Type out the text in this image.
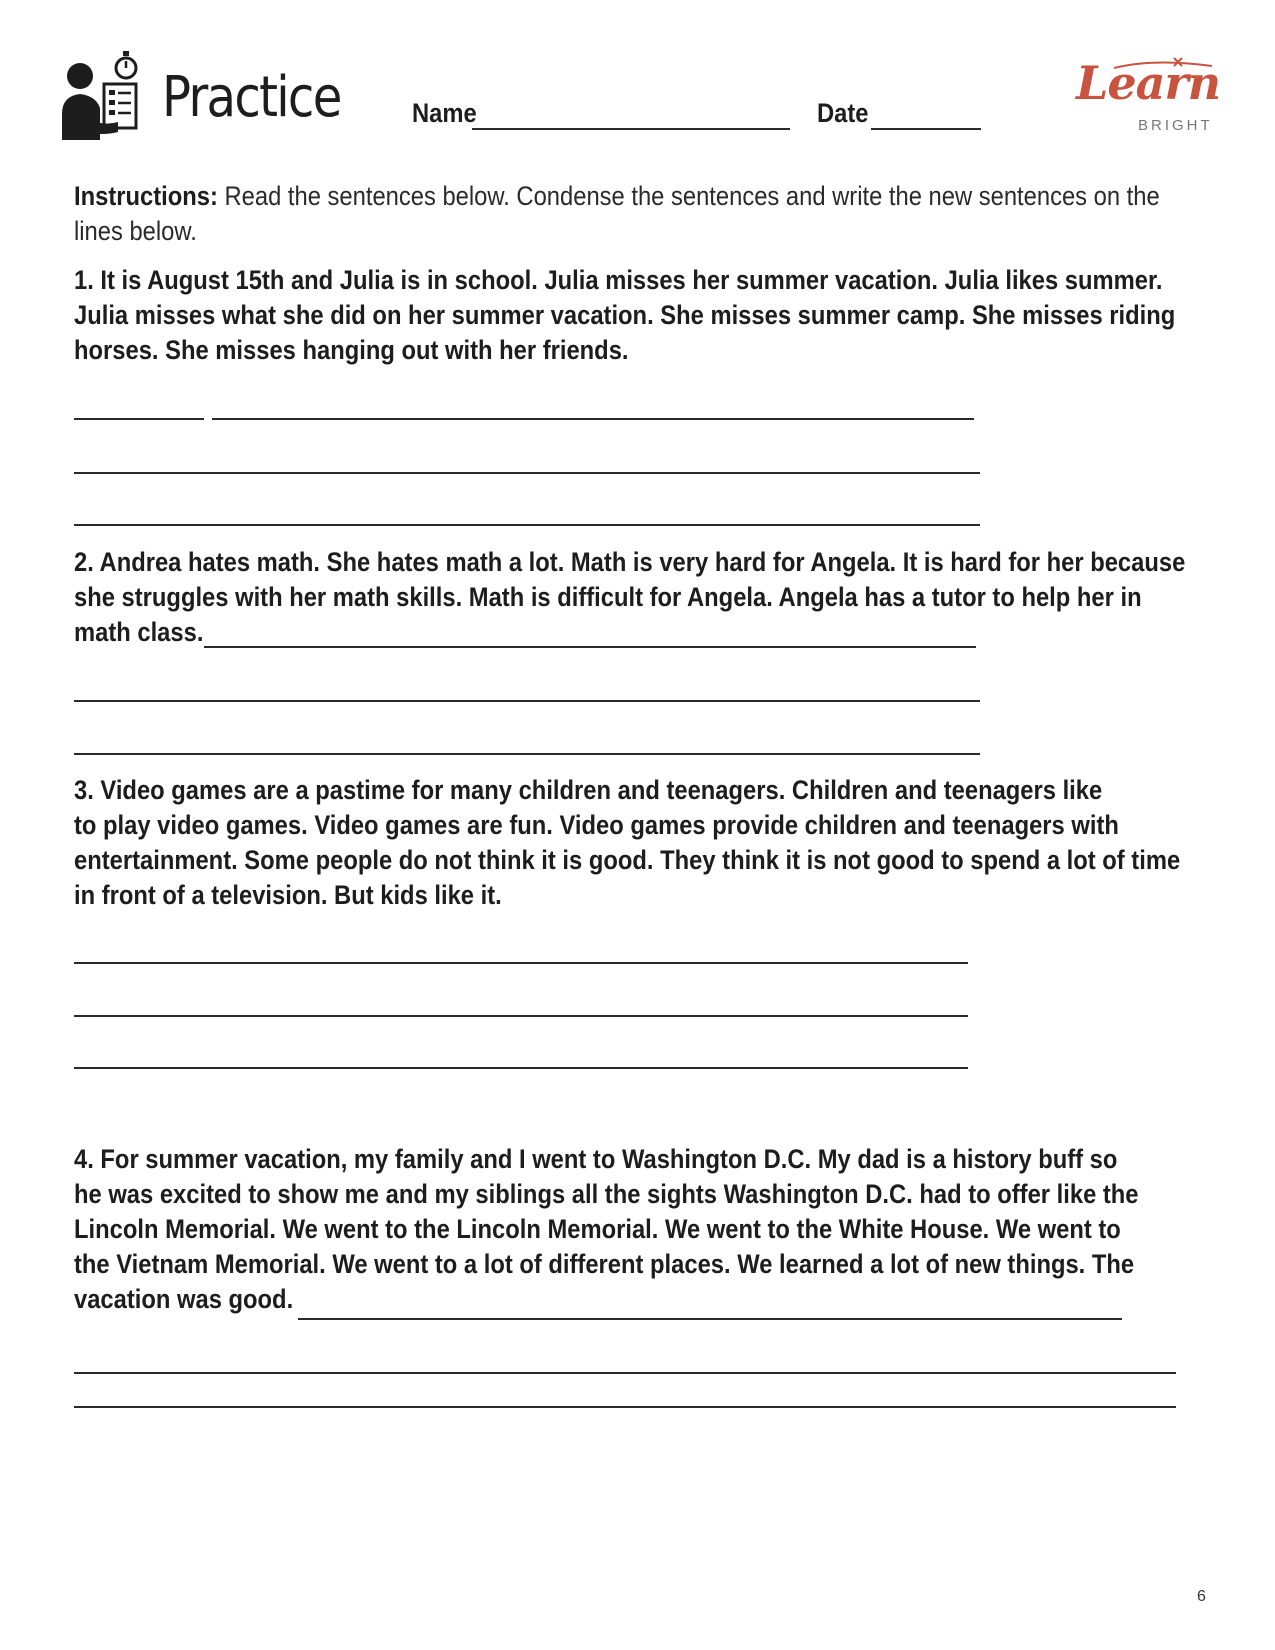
Practice	Name	Date
Learn
BRIGHT
Instructions: Read the sentences below. Condense the sentences and write the new sentences on the
lines below.
1. It is August 15th and Julia is in school. Julia misses her summer vacation. Julia likes summer.
Julia misses what she did on her summer vacation. She misses summer camp. She misses riding
horses. She misses hanging out with her friends.
2. Andrea hates math. She hates math a lot. Math is very hard for Angela. It is hard for her because
she struggles with her math skills. Math is difficult for Angela. Angela has a tutor to help her in
math class.
3. Video games are a pastime for many children and teenagers. Children and teenagers like
to play video games. Video games are fun. Video games provide children and teenagers with
entertainment. Some people do not think it is good. They think it is not good to spend a lot of time
in front of a television. But kids like it.
4. For summer vacation, my family and I went to Washington D.C. My dad is a history buff so
he was excited to show me and my siblings all the sights Washington D.C. had to offer like the
Lincoln Memorial. We went to the Lincoln Memorial. We went to the White House. We went to
the Vietnam Memorial. We went to a lot of different places. We learned a lot of new things. The
vacation was good.
6
